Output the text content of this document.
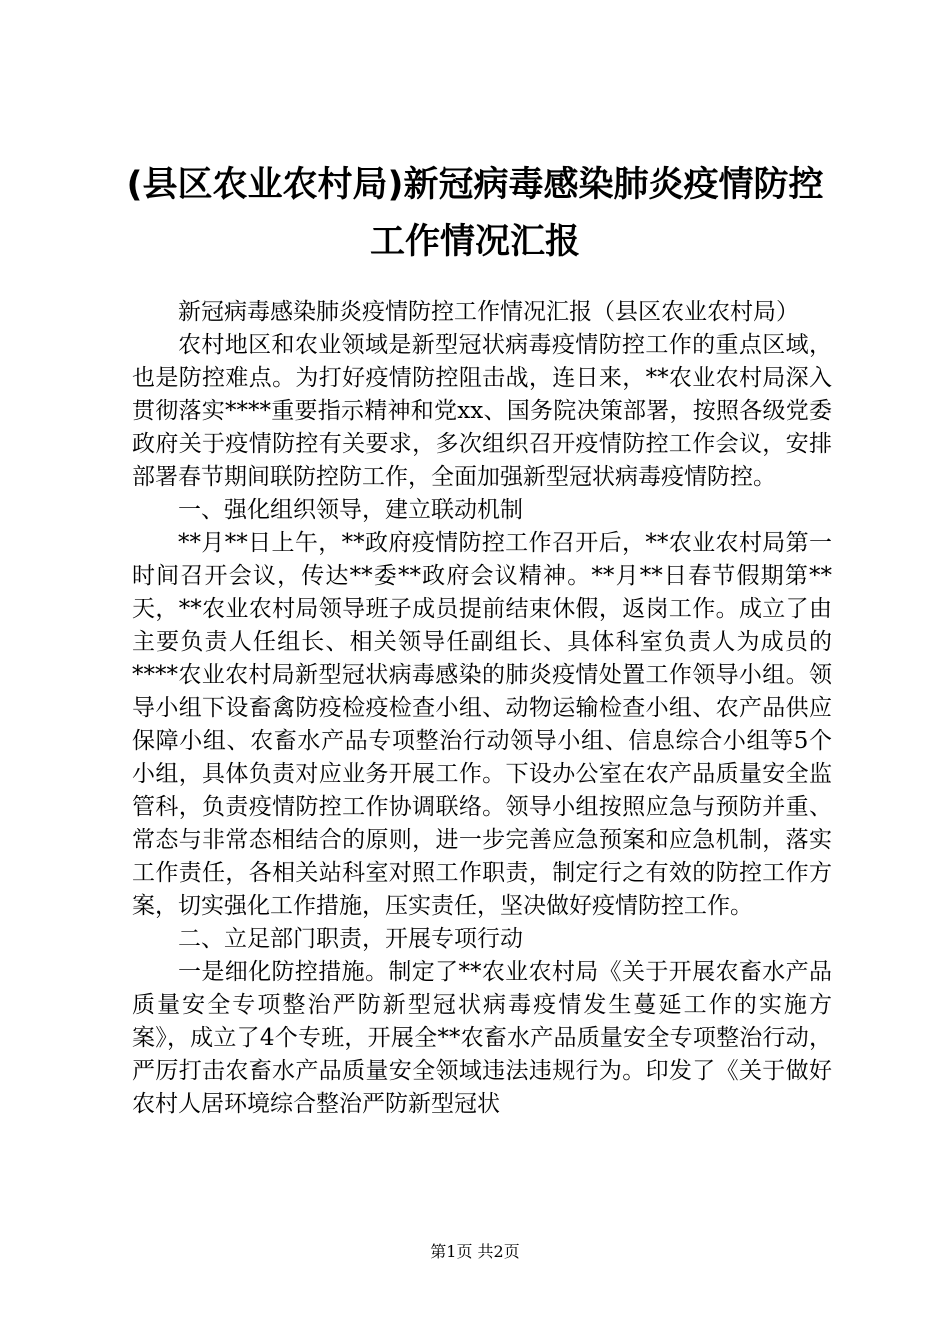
(县区农业农村局)新冠病毒感染肺炎疫情防控
工作情况汇报

新冠病毒感染肺炎疫情防控工作情况汇报（县区农业农村局）

农村地区和农业领域是新型冠状病毒疫情防控工作的重点区域，也是防控难点。为打好疫情防控阻击战，连日来，**农业农村局深入贯彻落实****重要指示精神和党xx、国务院决策部署，按照各级党委政府关于疫情防控有关要求，多次组织召开疫情防控工作会议，安排部署春节期间联防控防工作，全面加强新型冠状病毒疫情防控。

一、强化组织领导，建立联动机制

**月**日上午，**政府疫情防控工作召开后，**农业农村局第一时间召开会议，传达**委**政府会议精神。**月**日春节假期第**天，**农业农村局领导班子成员提前结束休假，返岗工作。成立了由主要负责人任组长、相关领导任副组长、具体科室负责人为成员的****农业农村局新型冠状病毒感染的肺炎疫情处置工作领导小组。领导小组下设畜禽防疫检疫检查小组、动物运输检查小组、农产品供应保障小组、农畜水产品专项整治行动领导小组、信息综合小组等5个小组，具体负责对应业务开展工作。下设办公室在农产品质量安全监管科，负责疫情防控工作协调联络。领导小组按照应急与预防并重、常态与非常态相结合的原则，进一步完善应急预案和应急机制，落实工作责任，各相关站科室对照工作职责，制定行之有效的防控工作方案，切实强化工作措施，压实责任，坚决做好疫情防控工作。

二、立足部门职责，开展专项行动

一是细化防控措施。制定了**农业农村局《关于开展农畜水产品质量安全专项整治严防新型冠状病毒疫情发生蔓延工作的实施方案》，成立了4个专班，开展全**农畜水产品质量安全专项整治行动，严厉打击农畜水产品质量安全领域违法违规行为。印发了《关于做好农村人居环境综合整治严防新型冠状

第1页 共2页
